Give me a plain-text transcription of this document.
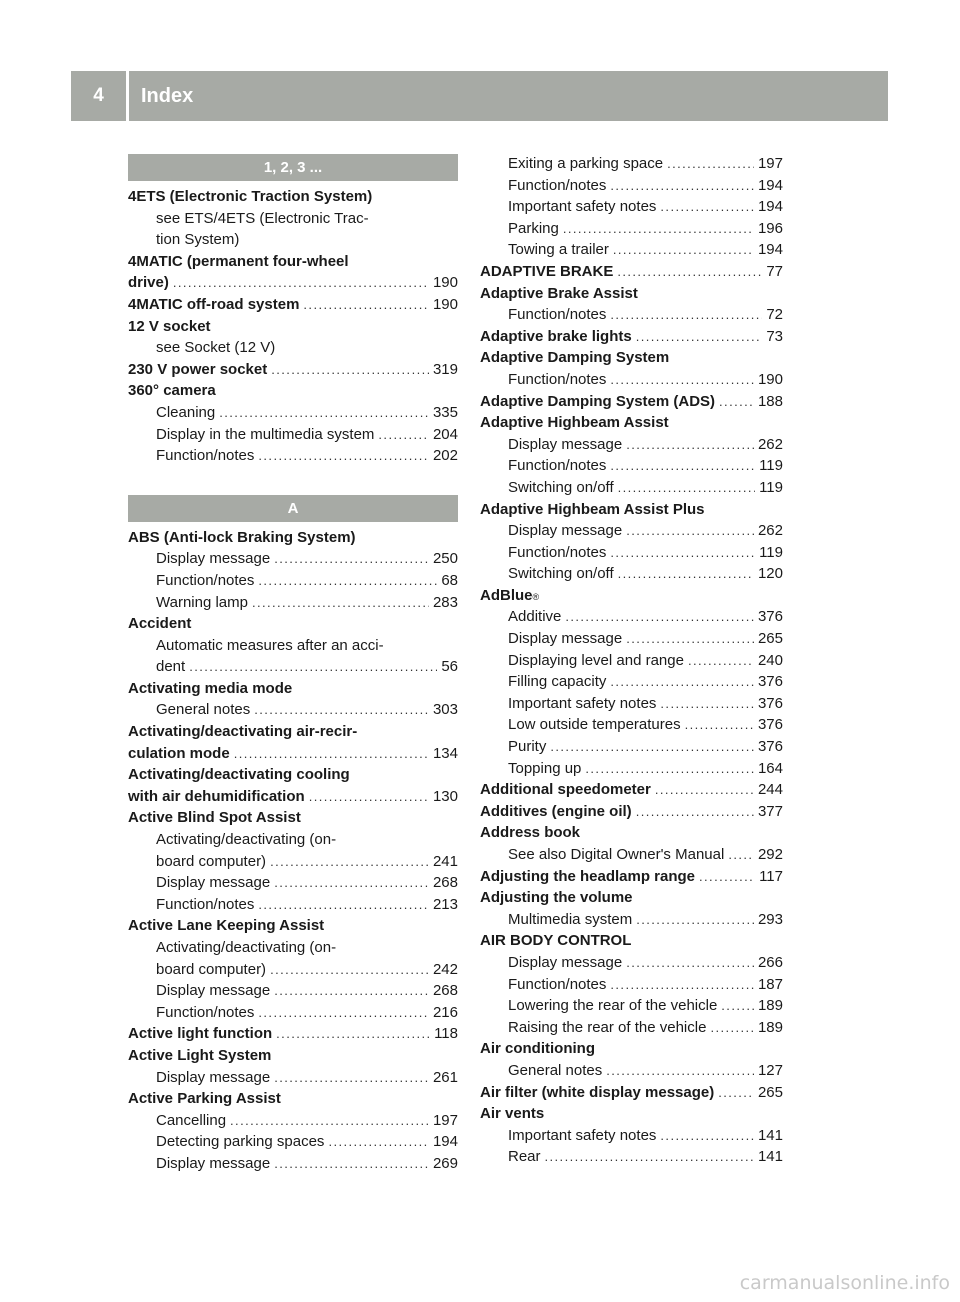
4	Index
1, 2, 3 ...
4ETS (Electronic Traction System)
see ETS/4ETS (Electronic Trac-
tion System)
4MATIC (permanent four-wheel
drive) .....	190
4MATIC off-road system .....	190
12 V socket
see Socket (12 V)
230 V power socket .....	319
360° camera
Cleaning .....	335
Display in the multimedia system .....	204
Function/notes .....	202
A
ABS (Anti-lock Braking System)
Display message .....	250
Function/notes .....	68
Warning lamp .....	283
Accident
Automatic measures after an acci-
dent .....	56
Activating media mode
General notes .....	303
Activating/deactivating air-recir-
culation mode .....	134
Activating/deactivating cooling
with air dehumidification .....	130
Active Blind Spot Assist
Activating/deactivating (on-
board computer) .....	241
Display message .....	268
Function/notes .....	213
Active Lane Keeping Assist
Activating/deactivating (on-
board computer) .....	242
Display message .....	268
Function/notes .....	216
Active light function .....	118
Active Light System
Display message .....	261
Active Parking Assist
Cancelling .....	197
Detecting parking spaces .....	194
Display message .....	269
Exiting a parking space .....	197
Function/notes .....	194
Important safety notes .....	194
Parking .....	196
Towing a trailer .....	194
ADAPTIVE BRAKE .....	77
Adaptive Brake Assist
Function/notes .....	72
Adaptive brake lights .....	73
Adaptive Damping System
Function/notes .....	190
Adaptive Damping System (ADS) .....	188
Adaptive Highbeam Assist
Display message .....	262
Function/notes .....	119
Switching on/off .....	119
Adaptive Highbeam Assist Plus
Display message .....	262
Function/notes .....	119
Switching on/off .....	120
AdBlue ®
Additive .....	376
Display message .....	265
Displaying level and range .....	240
Filling capacity .....	376
Important safety notes .....	376
Low outside temperatures .....	376
Purity .....	376
Topping up .....	164
Additional speedometer .....	244
Additives (engine oil) .....	377
Address book
See also Digital Owner's Manual ..... 292
Adjusting the headlamp range .....	117
Adjusting the volume
Multimedia system .....	293
AIR BODY CONTROL
Display message .....	266
Function/notes .....	187
Lowering the rear of the vehicle .....	189
Raising the rear of the vehicle .....	189
Air conditioning
General notes .....	127
Air filter (white display message) .....	265
Air vents
Important safety notes .....	141
Rear .....	141
carmanualsonline.info
